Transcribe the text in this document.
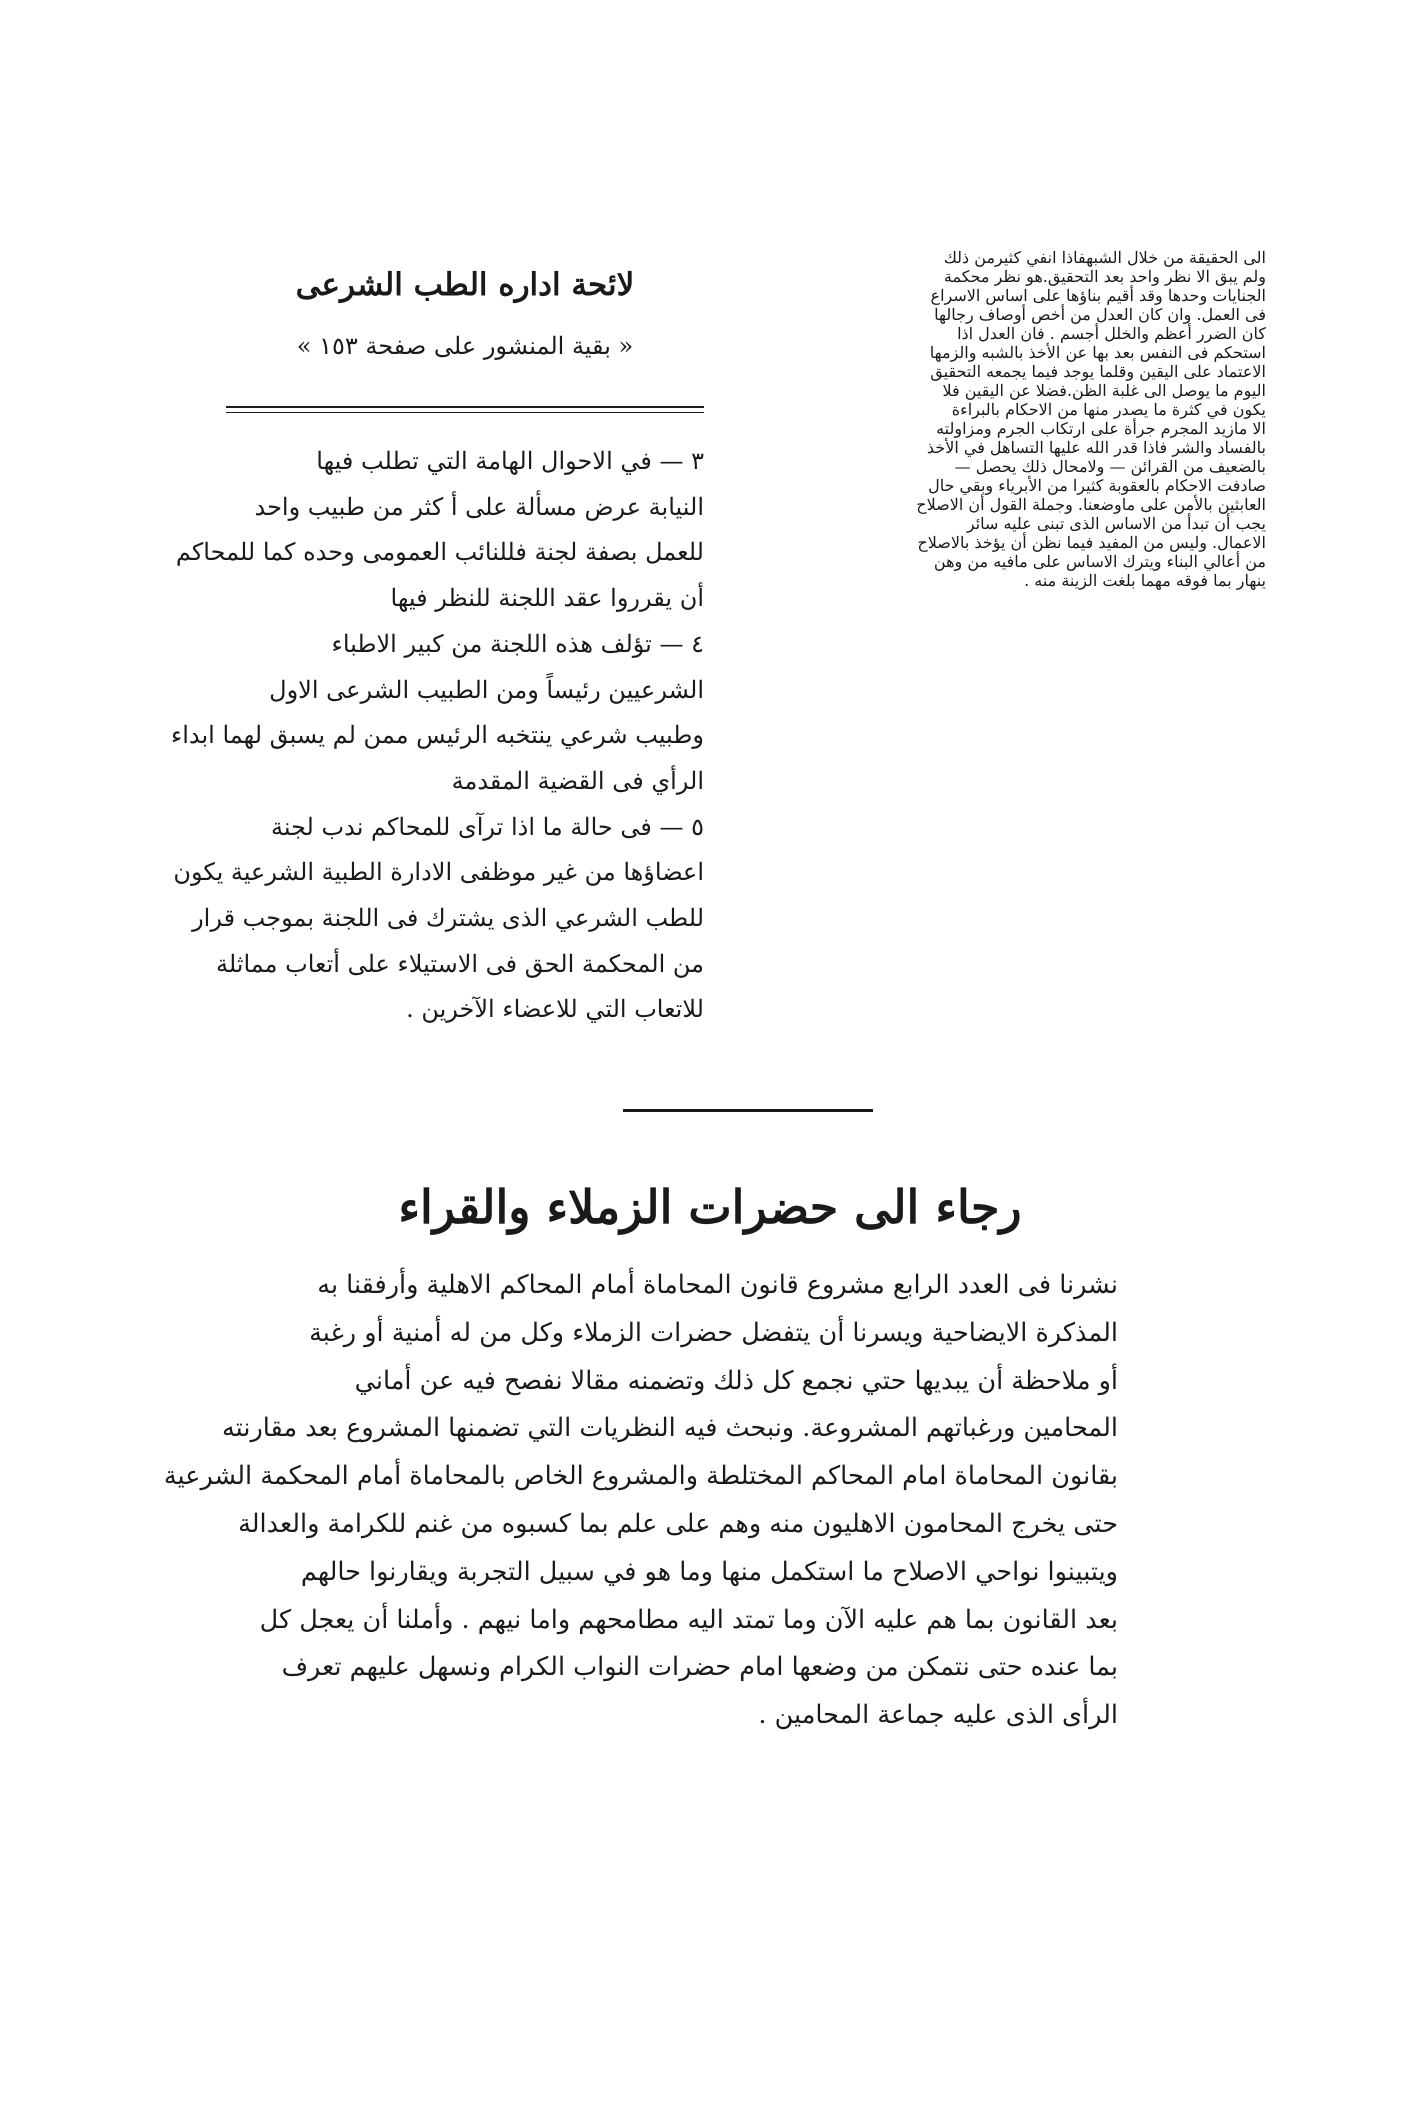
الى الحقيقة من خلال الشبهفاذا انفي كثيرمن ذلك
ولم يبق الا نظر واحد بعد التحقيق.هو نظر محكمة
الجنايات وحدها وقد أقيم بناؤها على اساس الاسراع
فى العمل. وان كان العدل من أخص أوصاف رجالها
كان الضرر أعظم والخلل أجسم . فان العدل اذا
استحكم فى النفس بعد بها عن الأخذ بالشبه والزمها
الاعتماد على اليقين وقلما يوجد فيما يجمعه التحقيق
اليوم ما يوصل الى غلبة الظن.فضلا عن اليقين فلا
يكون في كثرة ما يصدر منها من الاحكام بالبراءة
الا مازيد المجرم جرأة على ارتكاب الجرم ومزاولته
بالفساد والشر فاذا قدر الله عليها التساهل في الأخذ
بالضعيف من القرائن — ولامحال ذلك يحصل —
صادفت الاحكام بالعقوبة كثيرا من الأبرياء وبقي حال
العابثين بالأمن على ماوضعنا. وجملة القول أن الاصلاح
يجب أن تبدأ من الاساس الذى تبنى عليه سائر
الاعمال. وليس من المفيد فيما نظن أن يؤخذ بالاصلاح
من أعالي البناء ويترك الاساس على مافيه من وهن
ينهار بما فوقه مهما بلغت الزينة منه .
لائحة اداره الطب الشرعى
« بقية المنشور على صفحة ١٥٣ »
٣ — في الاحوال الهامة التي تطلب فيها
النيابة عرض مسألة على أ كثر من طبيب واحد
للعمل بصفة لجنة فللنائب العمومى وحده كما للمحاكم
أن يقرروا عقد اللجنة للنظر فيها
٤ — تؤلف هذه اللجنة من كبير الاطباء
الشرعيين رئيساً ومن الطبيب الشرعى الاول
وطبيب شرعي ينتخبه الرئيس ممن لم يسبق لهما ابداء
الرأي فى القضية المقدمة
٥ — فى حالة ما اذا ترآى للمحاكم ندب لجنة
اعضاؤها من غير موظفى الادارة الطبية الشرعية يكون
للطب الشرعي الذى يشترك فى اللجنة بموجب قرار
من المحكمة الحق فى الاستيلاء على أتعاب مماثلة
للاتعاب التي للاعضاء الآخرين .
رجاء الى حضرات الزملاء والقراء
نشرنا فى العدد الرابع مشروع قانون المحاماة أمام المحاكم الاهلية وأرفقنا به
المذكرة الايضاحية ويسرنا أن يتفضل حضرات الزملاء وكل من له أمنية أو رغبة
أو ملاحظة أن يبديها حتي نجمع كل ذلك وتضمنه مقالا نفصح فيه عن أماني
المحامين ورغباتهم المشروعة. ونبحث فيه النظريات التي تضمنها المشروع بعد مقارنته
بقانون المحاماة امام المحاكم المختلطة والمشروع الخاص بالمحاماة أمام المحكمة الشرعية
حتى يخرج المحامون الاهليون منه وهم على علم بما كسبوه من غنم للكرامة والعدالة
ويتبينوا نواحي الاصلاح ما استكمل منها وما هو في سبيل التجربة ويقارنوا حالهم
بعد القانون بما هم عليه الآن وما تمتد اليه مطامحهم واما نيهم . وأملنا أن يعجل كل
بما عنده حتى نتمكن من وضعها امام حضرات النواب الكرام ونسهل عليهم تعرف
الرأى الذى عليه جماعة المحامين .
